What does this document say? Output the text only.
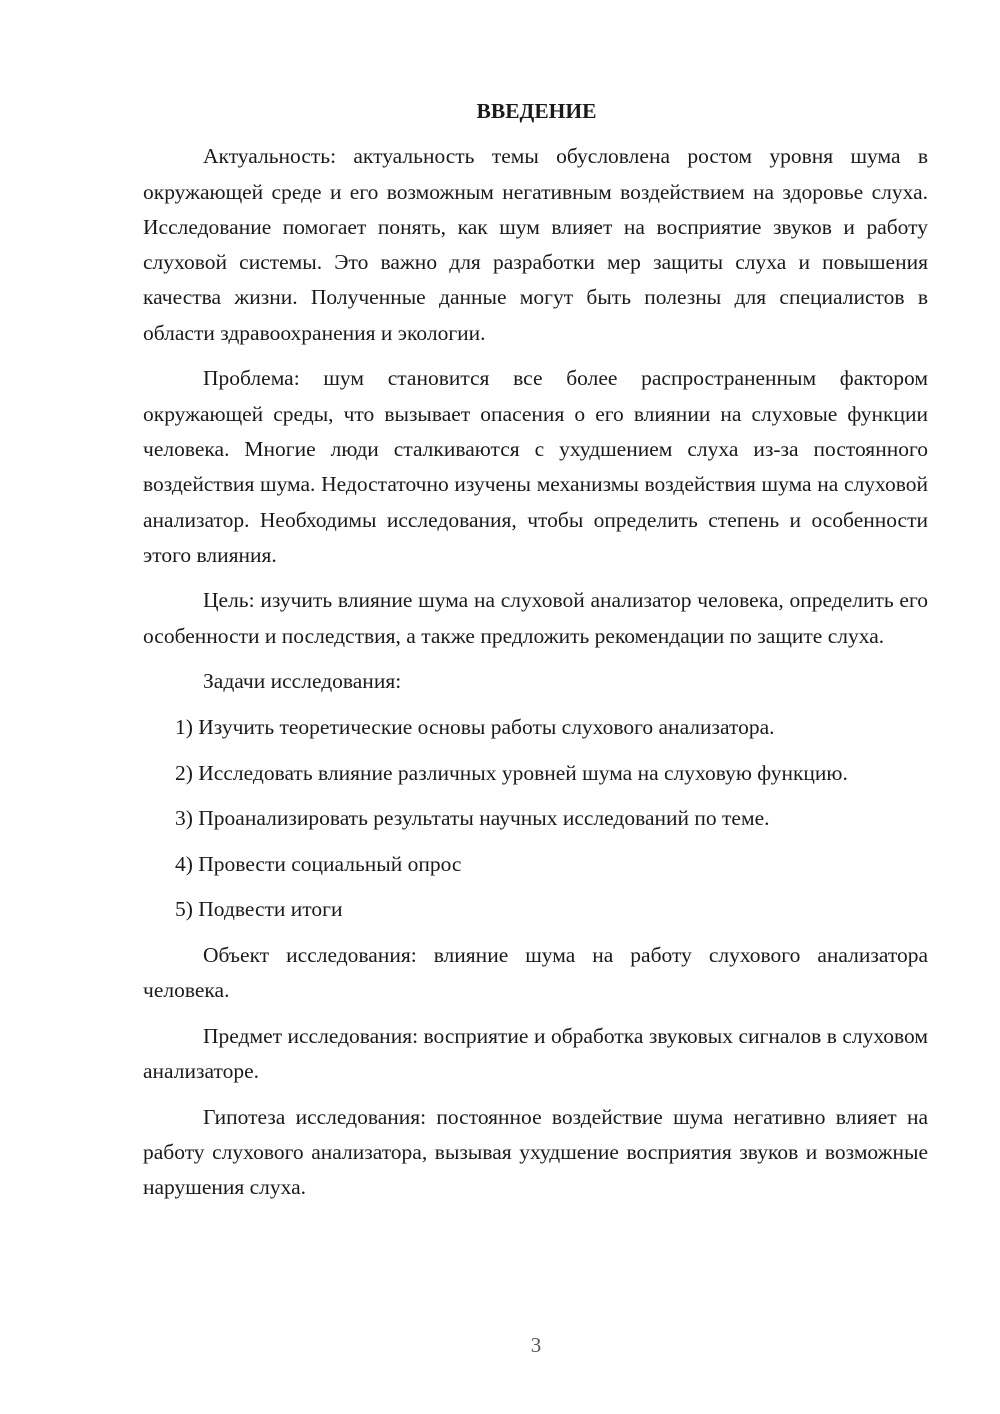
ВВЕДЕНИЕ

Актуальность: актуальность темы обусловлена ростом уровня шума в окружающей среде и его возможным негативным воздействием на здоровье слуха. Исследование помогает понять, как шум влияет на восприятие звуков и работу слуховой системы. Это важно для разработки мер защиты слуха и повышения качества жизни. Полученные данные могут быть полезны для специалистов в области здравоохранения и экологии.

Проблема: шум становится все более распространенным фактором окружающей среды, что вызывает опасения о его влиянии на слуховые функции человека. Многие люди сталкиваются с ухудшением слуха из-за постоянного воздействия шума. Недостаточно изучены механизмы воздействия шума на слуховой анализатор. Необходимы исследования, чтобы определить степень и особенности этого влияния.

Цель: изучить влияние шума на слуховой анализатор человека, определить его особенности и последствия, а также предложить рекомендации по защите слуха.

Задачи исследования:

1) Изучить теоретические основы работы слухового анализатора.

2) Исследовать влияние различных уровней шума на слуховую функцию.

3) Проанализировать результаты научных исследований по теме.

4) Провести социальный опрос

5) Подвести итоги

Объект исследования: влияние шума на работу слухового анализатора человека.

Предмет исследования: восприятие и обработка звуковых сигналов в слуховом анализаторе.

Гипотеза исследования: постоянное воздействие шума негативно влияет на работу слухового анализатора, вызывая ухудшение восприятия звуков и возможные нарушения слуха.

3
